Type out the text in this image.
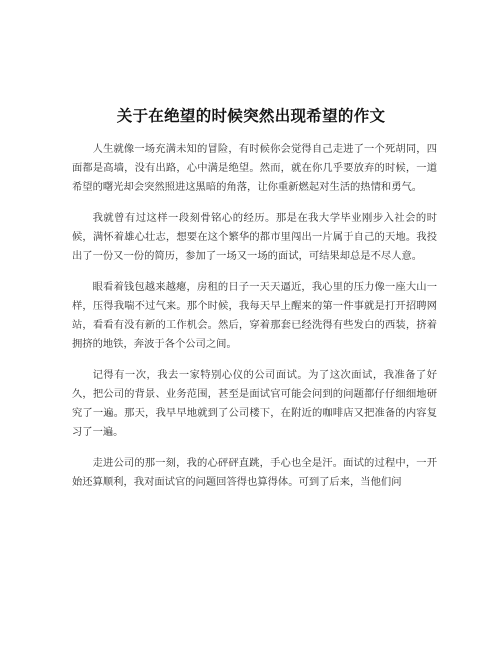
关于在绝望的时候突然出现希望的作文

人生就像一场充满未知的冒险，有时候你会觉得自己走进了一个死胡同，四面都是高墙，没有出路，心中满是绝望。然而，就在你几乎要放弃的时候，一道希望的曙光却会突然照进这黑暗的角落，让你重新燃起对生活的热情和勇气。

我就曾有过这样一段刻骨铭心的经历。那是在我大学毕业刚步入社会的时候，满怀着雄心壮志，想要在这个繁华的都市里闯出一片属于自己的天地。我投出了一份又一份的简历，参加了一场又一场的面试，可结果却总是不尽人意。

眼看着钱包越来越瘪，房租的日子一天天逼近，我心里的压力像一座大山一样，压得我喘不过气来。那个时候，我每天早上醒来的第一件事就是打开招聘网站，看看有没有新的工作机会。然后，穿着那套已经洗得有些发白的西装，挤着拥挤的地铁，奔波于各个公司之间。

记得有一次，我去一家特别心仪的公司面试。为了这次面试，我准备了好久，把公司的背景、业务范围，甚至是面试官可能会问到的问题都仔仔细细地研究了一遍。那天，我早早地就到了公司楼下，在附近的咖啡店又把准备的内容复习了一遍。

走进公司的那一刻，我的心砰砰直跳，手心也全是汗。面试的过程中，一开始还算顺利，我对面试官的问题回答得也算得体。可到了后来，当他们问
